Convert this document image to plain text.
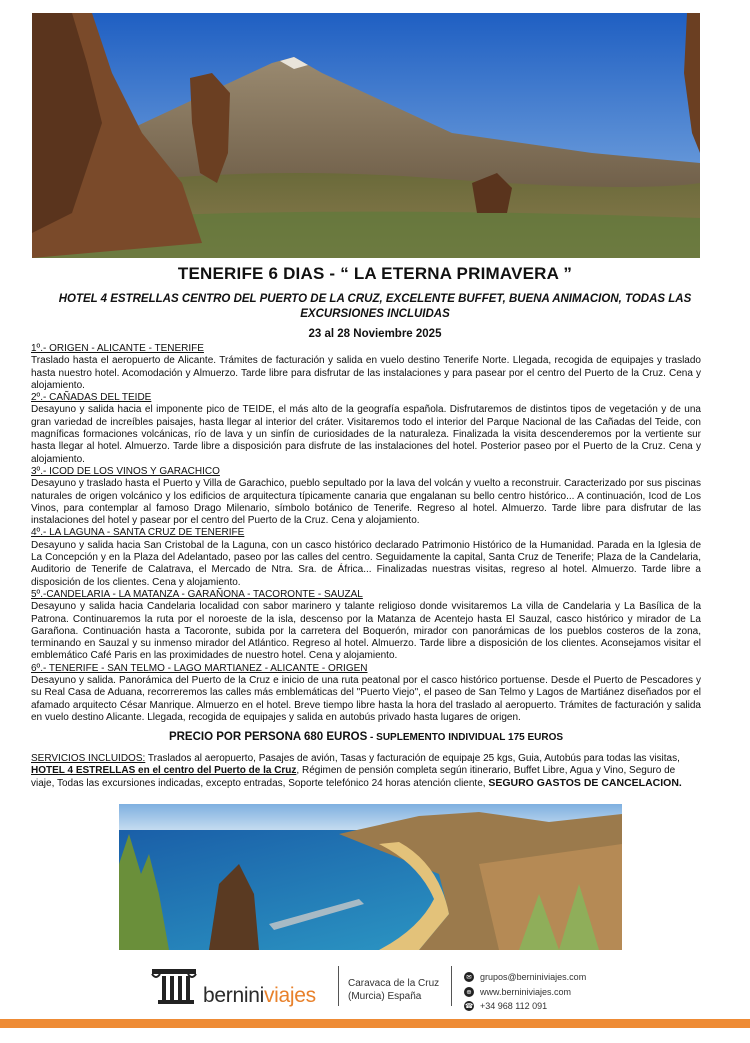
TENERIFE 6 DIAS - “ LA ETERNA PRIMAVERA ”
HOTEL 4 ESTRELLAS CENTRO DEL PUERTO DE LA CRUZ, EXCELENTE BUFFET, BUENA ANIMACION, TODAS LAS EXCURSIONES INCLUIDAS
23 al 28 Noviembre 2025

1º.- ORIGEN - ALICANTE - TENERIFE

Traslado hasta el aeropuerto de Alicante. Trámites de facturación y salida en vuelo destino Tenerife Norte. Llegada, recogida de equipajes y traslado hasta nuestro hotel. Acomodación y Almuerzo. Tarde libre para disfrutar de las instalaciones y para pasear por el centro del Puerto de la Cruz. Cena y alojamiento.

2º.- CAÑADAS DEL TEIDE

Desayuno y salida hacia el imponente pico de TEIDE, el más alto de la geografía española. Disfrutaremos de distintos tipos de vegetación y de una gran variedad de increíbles paisajes, hasta llegar al interior del cráter. Visitaremos todo el interior del Parque Nacional de las Cañadas del Teide, con magníficas formaciones volcánicas, río de lava y un sinfín de curiosidades de la naturaleza. Finalizada la visita descenderemos por la vertiente sur hasta llegar al hotel. Almuerzo. Tarde libre a disposición para disfrute de las instalaciones del hotel. Posterior paseo por el Puerto de la Cruz. Cena y alojamiento.

3º.- ICOD DE LOS VINOS Y GARACHICO

Desayuno y traslado hasta el Puerto y Villa de Garachico, pueblo sepultado por la lava del volcán y vuelto a reconstruir. Caracterizado por sus piscinas naturales de origen volcánico y los edificios de arquitectura típicamente canaria que engalanan su bello centro histórico... A continuación, Icod de Los Vinos, para contemplar al famoso Drago Milenario, símbolo botánico de Tenerife. Regreso al hotel. Almuerzo. Tarde libre para disfrutar de las instalaciones del hotel y pasear por el centro del Puerto de la Cruz. Cena y alojamiento.

4º.- LA LAGUNA - SANTA CRUZ DE TENERIFE

Desayuno y salida hacia San Cristobal de la Laguna, con un casco histórico declarado Patrimonio Histórico de la Humanidad. Parada en la Iglesia de La Concepción y en la Plaza del Adelantado, paseo por las calles del centro. Seguidamente la capital, Santa Cruz de Tenerife; Plaza de la Candelaria, Auditorio de Tenerife de Calatrava, el Mercado de Ntra. Sra. de África... Finalizadas nuestras visitas, regreso al hotel. Almuerzo. Tarde libre a disposición de los clientes. Cena y alojamiento.

5º.-CANDELARIA - LA MATANZA - GARAÑONA - TACORONTE - SAUZAL

Desayuno y salida hacia Candelaria localidad con sabor marinero y talante religioso donde vvisitaremos La villa de Candelaria y La Basílica de la Patrona. Continuaremos la ruta por el noroeste de la isla, descenso por la Matanza de Acentejo hasta El Sauzal, casco histórico y mirador de La Garañona. Continuación hasta a Tacoronte, subida por la carretera del Boquerón, mirador con panorámicas de los pueblos costeros de la zona, terminando en Sauzal y su inmenso mirador del Atlántico. Regreso al hotel. Almuerzo. Tarde libre a disposición de los clientes. Aconsejamos visitar el emblemático Café Paris en las proximidades de nuestro hotel. Cena y alojamiento.

6º.- TENERIFE - SAN TELMO - LAGO MARTIANEZ - ALICANTE - ORIGEN

Desayuno y salida. Panorámica del Puerto de la Cruz e inicio de una ruta peatonal por el casco histórico portuense. Desde el Puerto de Pescadores y su Real Casa de Aduana, recorreremos las calles más emblemáticas del "Puerto Viejo", el paseo de San Telmo y Lagos de Martiánez diseñados por el afamado arquitecto César Manrique. Almuerzo en el hotel. Breve tiempo libre hasta la hora del traslado al aeropuerto. Trámites de facturación y salida en vuelo destino Alicante. Llegada, recogida de equipajes y salida en autobús privado hasta lugares de origen.

PRECIO POR PERSONA 680 EUROS - SUPLEMENTO INDIVIDUAL 175 EUROS
SERVICIOS INCLUIDOS: Traslados al aeropuerto, Pasajes de avión, Tasas y facturación de equipaje 25 kgs, Guia, Autobús para todas las visitas, HOTEL 4 ESTRELLAS en el centro del Puerto de la Cruz, Régimen de pensión completa según itinerario, Buffet Libre, Agua y Vino, Seguro de viaje, Todas las excursiones indicadas, excepto entradas, Soporte telefónico 24 horas atención cliente, SEGURO GASTOS DE CANCELACION.
berniniviajes
Caravaca de la Cruz
(Murcia) España
✉ grupos@berniniviajes.com
⊕ www.berniniviajes.com
☎ +34 968 112 091
